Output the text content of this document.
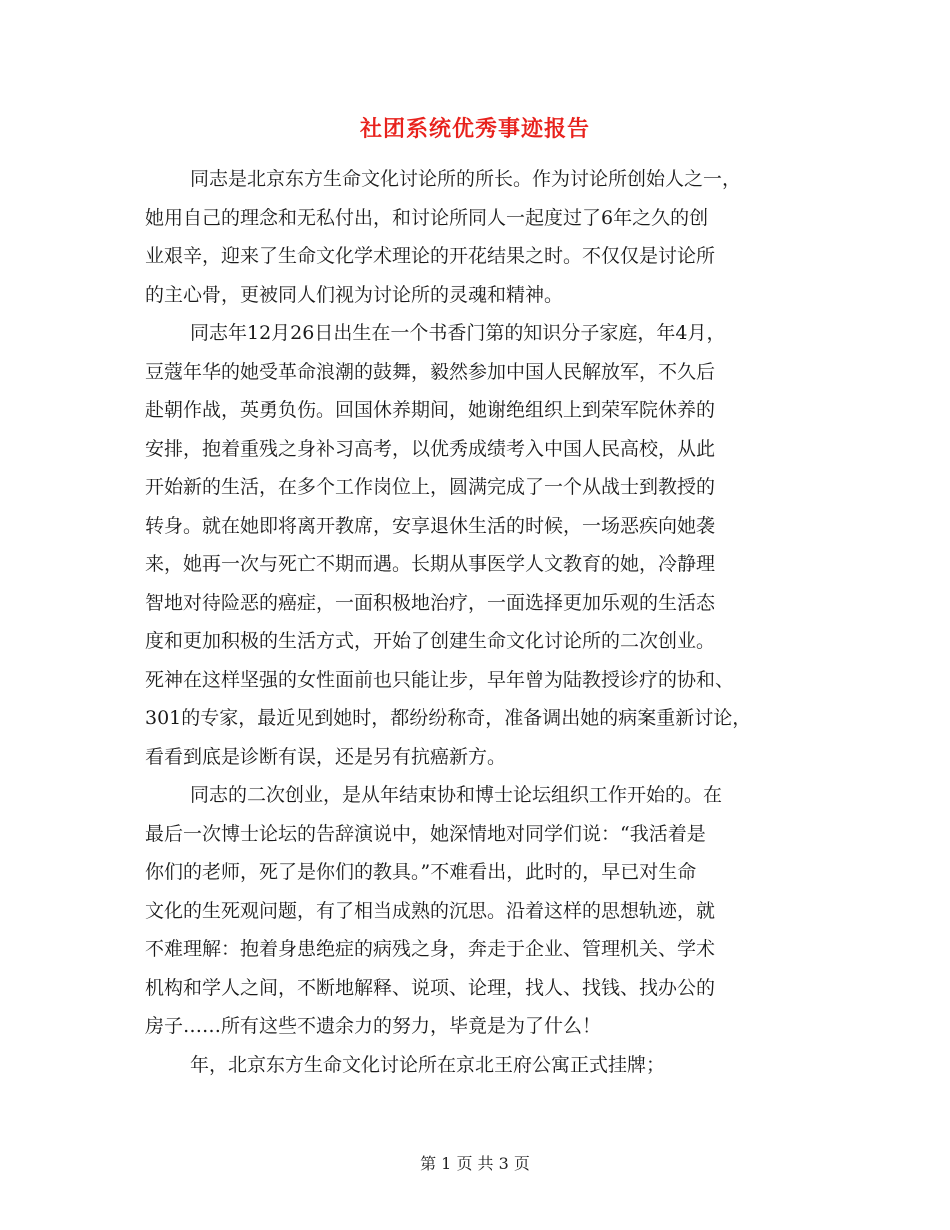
社团系统优秀事迹报告
同志是北京东方生命文化讨论所的所长。作为讨论所创始人之一，
她用自己的理念和无私付出，和讨论所同人一起度过了6年之久的创
业艰辛，迎来了生命文化学术理论的开花结果之时。不仅仅是讨论所
的主心骨，更被同人们视为讨论所的灵魂和精神。
同志年12月26日出生在一个书香门第的知识分子家庭，年4月，
豆蔻年华的她受革命浪潮的鼓舞，毅然参加中国人民解放军，不久后
赴朝作战，英勇负伤。回国休养期间，她谢绝组织上到荣军院休养的
安排，抱着重残之身补习高考，以优秀成绩考入中国人民高校，从此
开始新的生活，在多个工作岗位上，圆满完成了一个从战士到教授的
转身。就在她即将离开教席，安享退休生活的时候，一场恶疾向她袭
来，她再一次与死亡不期而遇。长期从事医学人文教育的她，冷静理
智地对待险恶的癌症，一面积极地治疗，一面选择更加乐观的生活态
度和更加积极的生活方式，开始了创建生命文化讨论所的二次创业。
死神在这样坚强的女性面前也只能让步，早年曾为陆教授诊疗的协和、
301的专家，最近见到她时，都纷纷称奇，准备调出她的病案重新讨论，
看看到底是诊断有误，还是另有抗癌新方。
同志的二次创业，是从年结束协和博士论坛组织工作开始的。在
最后一次博士论坛的告辞演说中，她深情地对同学们说：“我活着是
你们的老师，死了是你们的教具。”不难看出，此时的，早已对生命
文化的生死观问题，有了相当成熟的沉思。沿着这样的思想轨迹，就
不难理解：抱着身患绝症的病残之身，奔走于企业、管理机关、学术
机构和学人之间，不断地解释、说项、论理，找人、找钱、找办公的
房子……所有这些不遗余力的努力，毕竟是为了什么！
年，北京东方生命文化讨论所在京北王府公寓正式挂牌；
第 1 页 共 3 页
